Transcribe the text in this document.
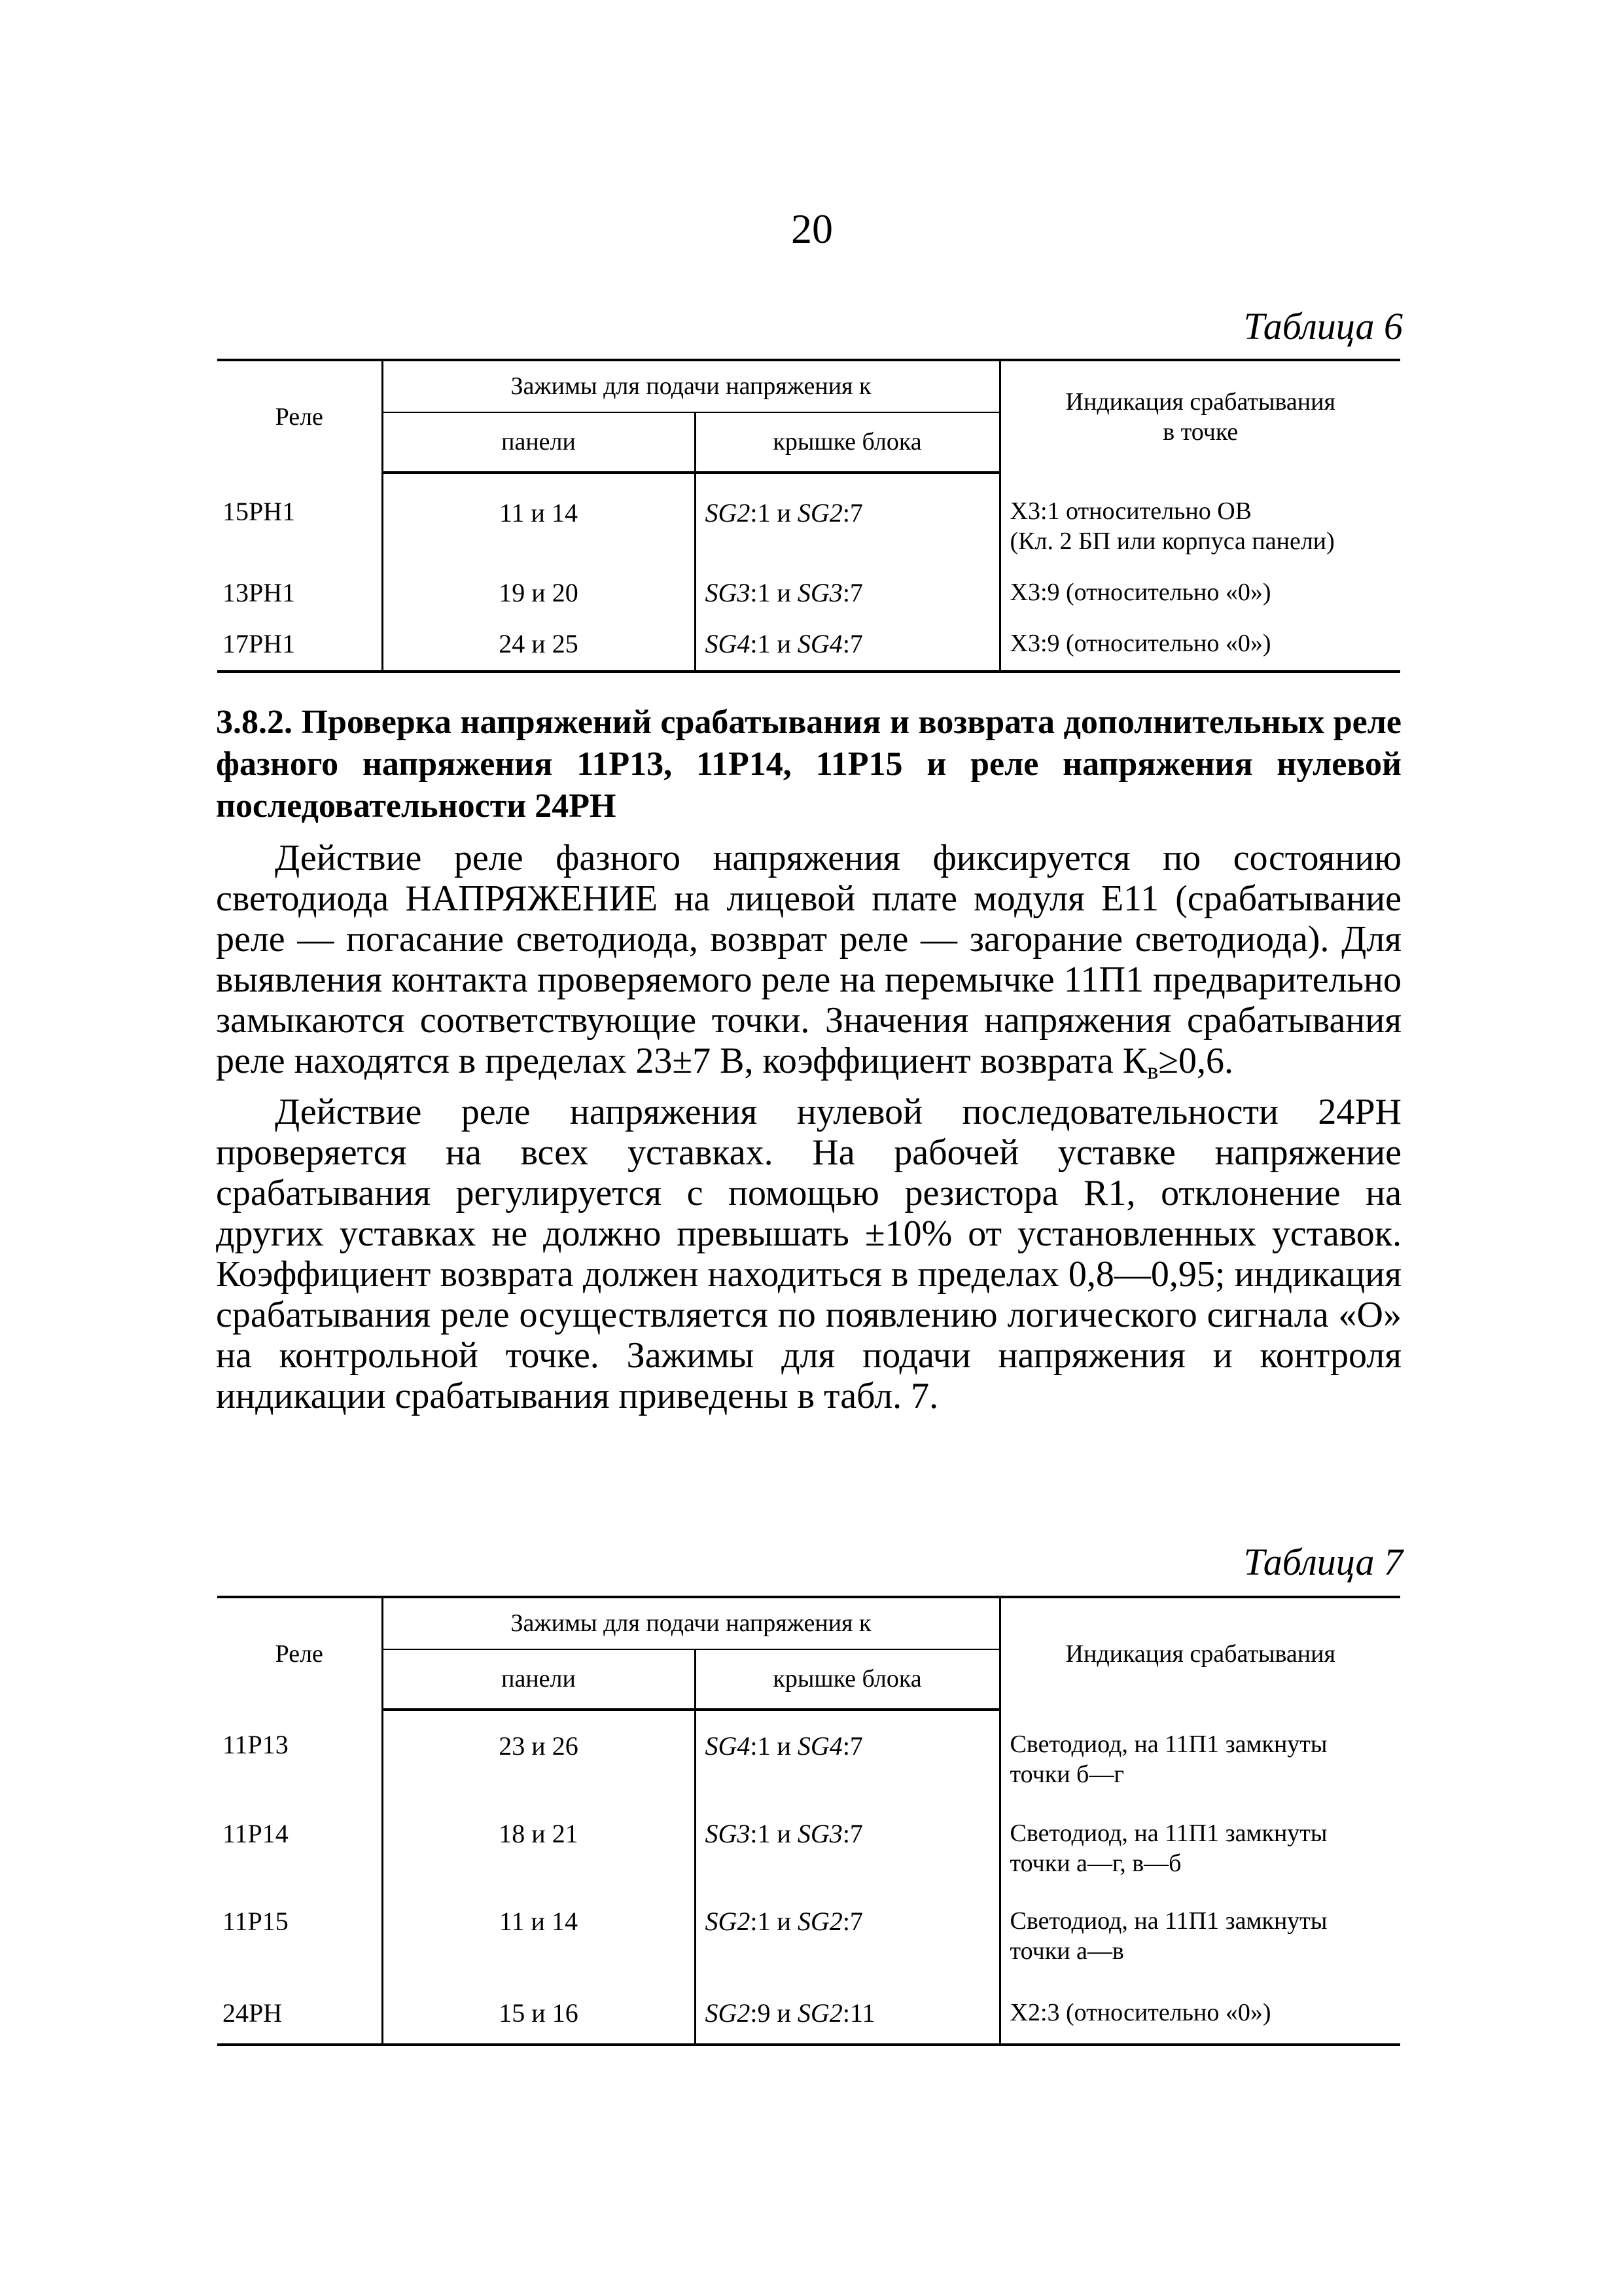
20
Таблица 6
Реле	Зажимы для подачи напряжения к		Индикация срабатывания
в точке
	панели	крышке блока	
15РН1	11 и 14	SG2:1 и SG2:7	Х3:1 относительно ОВ
(Кл. 2 БП или корпуса панели)
13РН1	19 и 20	SG3:1 и SG3:7	Х3:9 (относительно «0»)
17РН1	24 и 25	SG4:1 и SG4:7	Х3:9 (относительно «0»)

3.8.2. Проверка напряжений срабатывания и возврата дополнительных реле фазного напряжения 11Р13, 11Р14, 11Р15 и реле напряжения нулевой последовательности 24РН

Действие реле фазного напряжения фиксируется по состоянию светодиода НАПРЯЖЕНИЕ на лицевой плате модуля Е11 (срабатывание реле — погасание светодиода, возврат реле — загорание светодиода). Для выявления контакта проверяемого реле на перемычке 11П1 предварительно замыкаются соответствующие точки. Значения напряжения срабатывания реле находятся в пределах 23±7 В, коэффициент возврата $К_в\ge 0,6$.

Действие реле напряжения нулевой последовательности 24РН проверяется на всех уставках. На рабочей уставке напряжение срабатывания регулируется с помощью резистора R1, отклонение на других уставках не должно превышать ±10% от установленных уставок. Коэффициент возврата должен находиться в пределах 0,8—0,95; индикация срабатывания реле осуществляется по появлению логического сигнала «О» на контрольной точке. Зажимы для подачи напряжения и контроля индикации срабатывания приведены в табл. 7.

Таблица 7
Реле	Зажимы для подачи напряжения к		Индикация срабатывания
	панели	крышке блока	
11Р13	23 и 26	SG4:1 и SG4:7	Светодиод, на 11П1 замкнуты
точки б—г
11Р14	18 и 21	SG3:1 и SG3:7	Светодиод, на 11П1 замкнуты
точки а—г, в—б
11Р15	11 и 14	SG2:1 и SG2:7	Светодиод, на 11П1 замкнуты
точки а—в
24РН	15 и 16	SG2:9 и SG2:11	Х2:3 (относительно «0»)
